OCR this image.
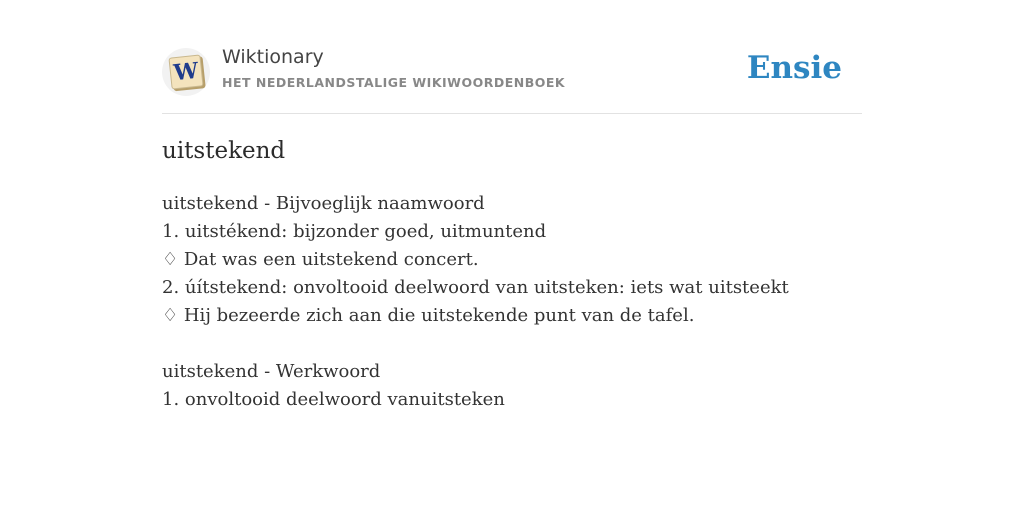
W
Wiktionary
HET NEDERLANDSTALIGE WIKIWOORDENBOEK	Ensie
uitstekend
uitstekend - Bijvoeglijk naamwoord
1. uitstékend: bijzonder goed, uitmuntend
♢ Dat was een uitstekend concert.
2. úítstekend: onvoltooid deelwoord van uitsteken: iets wat uitsteekt
♢ Hij bezeerde zich aan die uitstekende punt van de tafel.
uitstekend - Werkwoord
1. onvoltooid deelwoord vanuitsteken
